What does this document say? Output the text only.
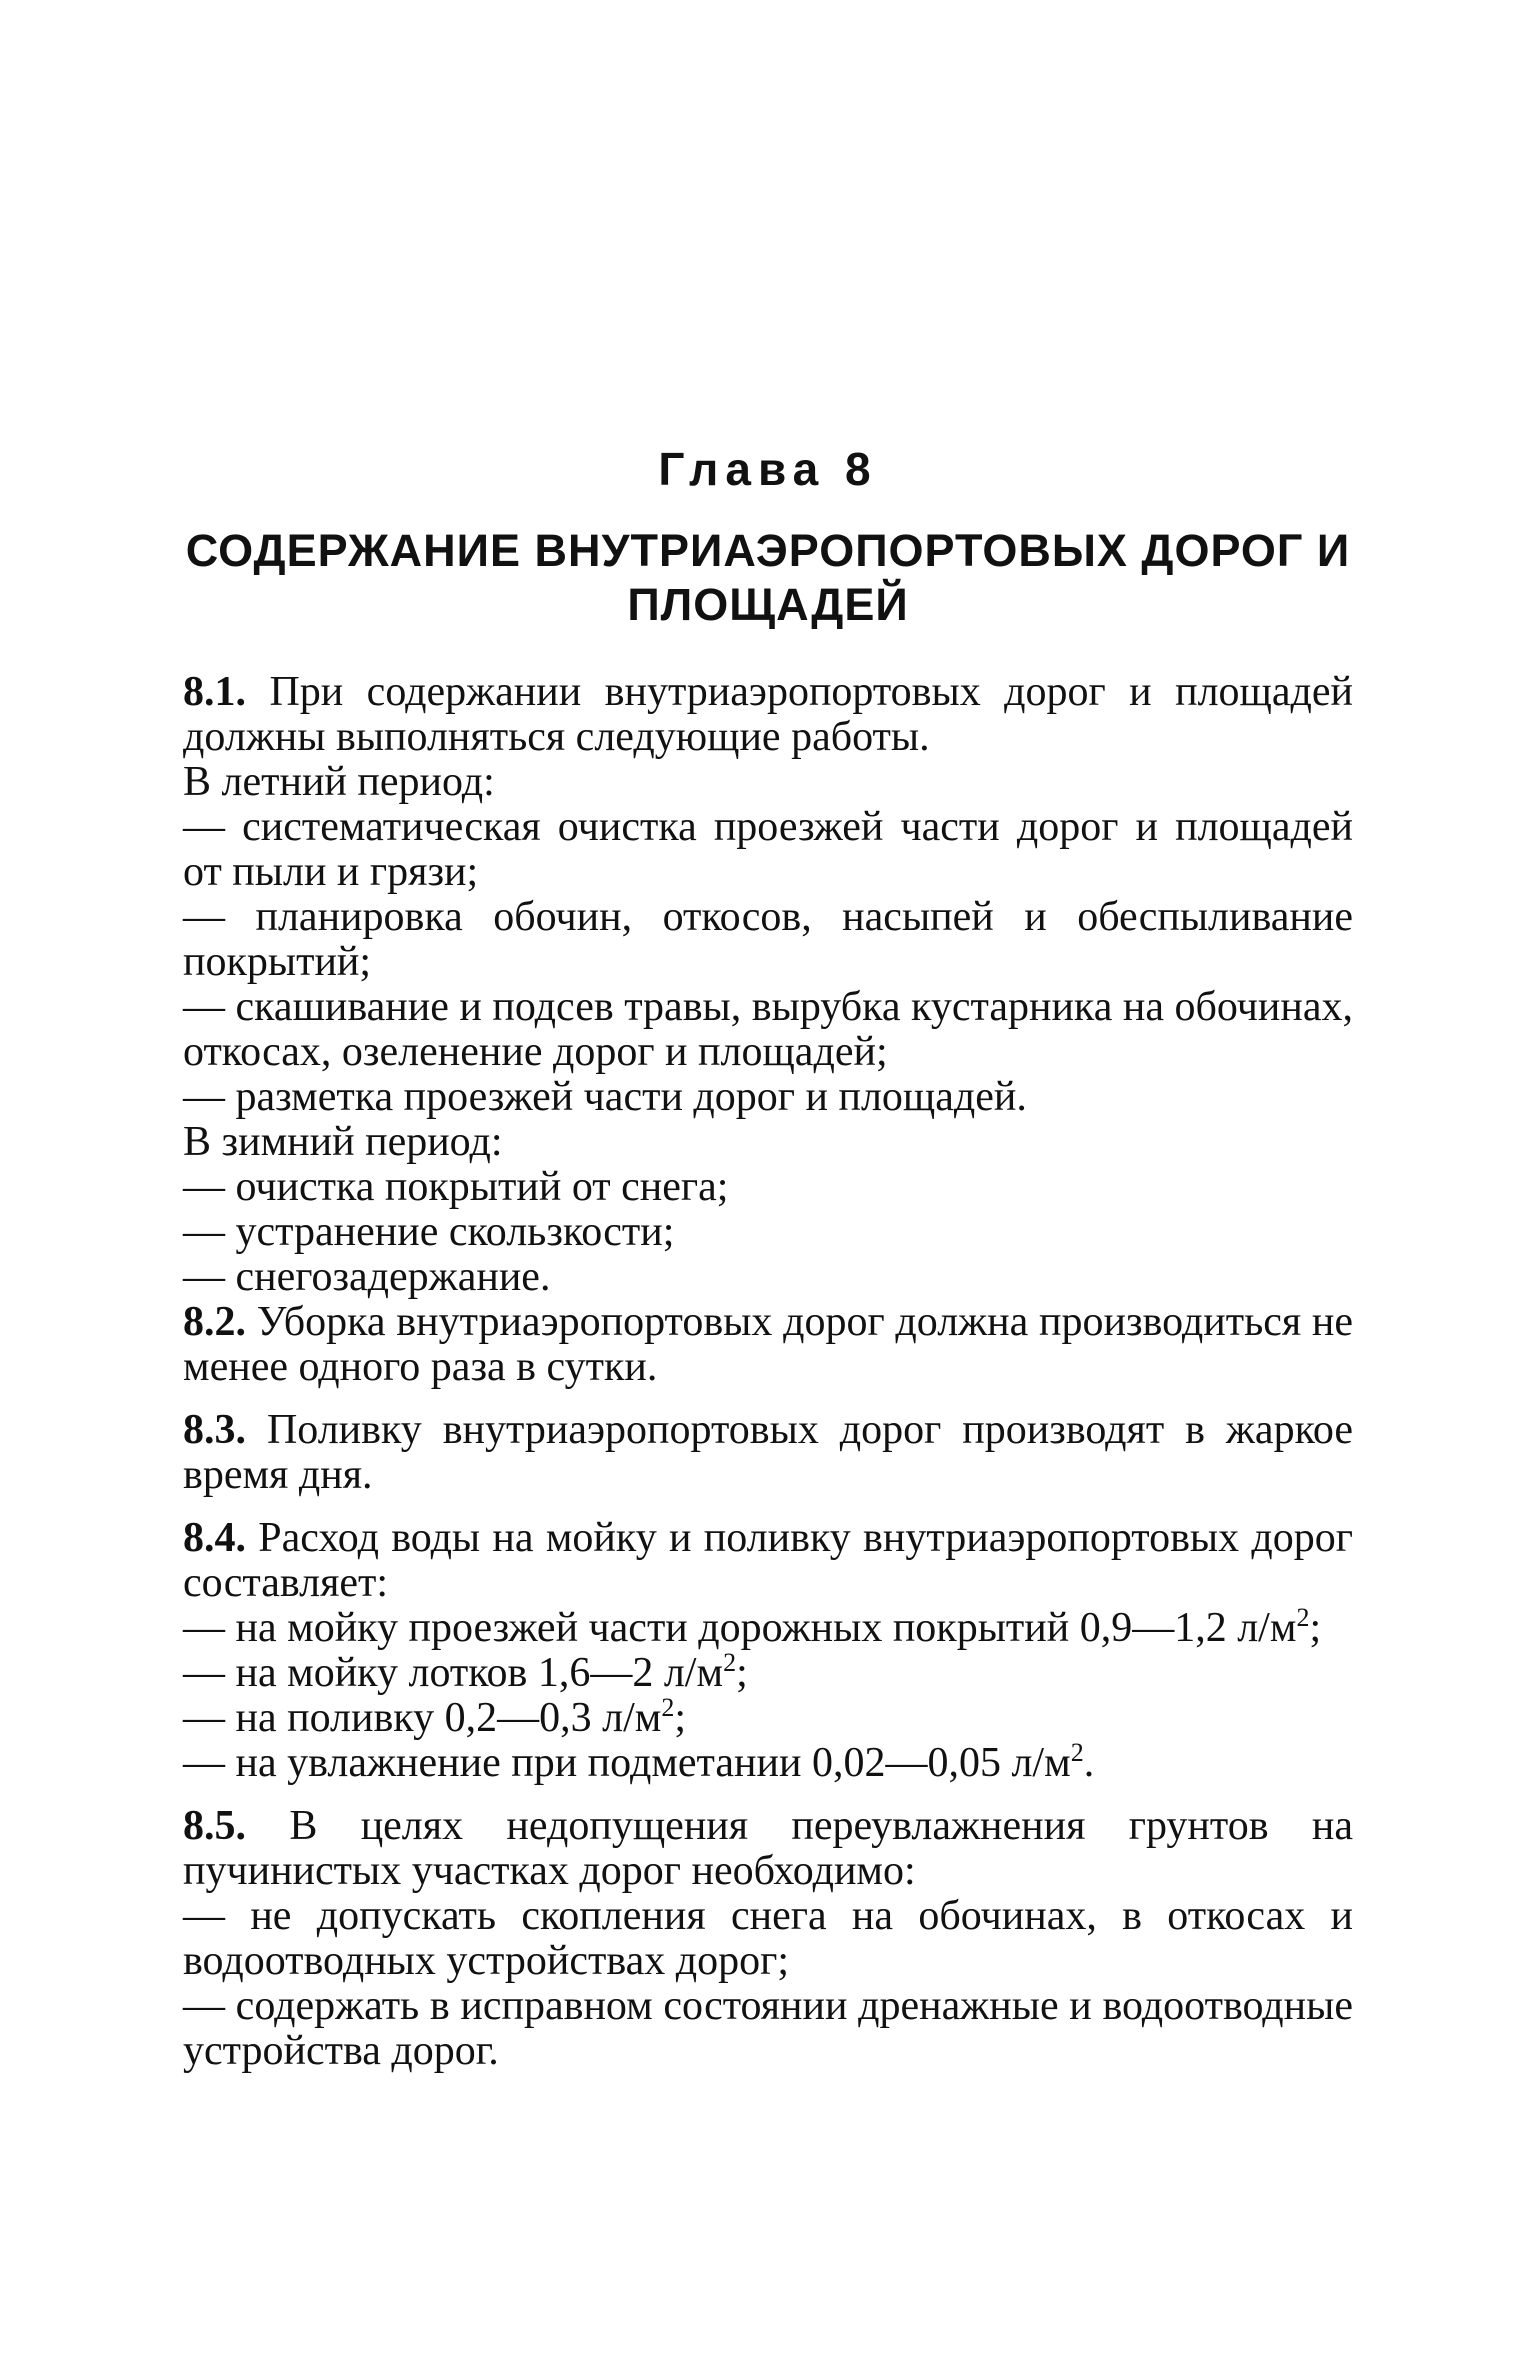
Глава 8
СОДЕРЖАНИЕ ВНУТРИАЭРОПОРТОВЫХ ДОРОГ И ПЛОЩАДЕЙ

8.1. При содержании внутриаэропортовых дорог и площадей должны выполняться следующие работы.

В летний период:

— систематическая очистка проезжей части дорог и площадей от пыли и грязи;

— планировка обочин, откосов, насыпей и обеспыливание покрытий;

— скашивание и подсев травы, вырубка кустарника на обочинах, откосах, озеленение дорог и площадей;

— разметка проезжей части дорог и площадей.

В зимний период:

— очистка покрытий от снега;

— устранение скользкости;

— снегозадержание.

8.2. Уборка внутриаэропортовых дорог должна производиться не менее одного раза в сутки.

8.3. Поливку внутриаэропортовых дорог производят в жаркое время дня.

8.4. Расход воды на мойку и поливку внутриаэропортовых дорог составляет:

— на мойку проезжей части дорожных покрытий 0,9—1,2 $л/м^2$;

— на мойку лотков 1,6—2 $л/м^2$;

— на поливку 0,2—0,3 $л/м^2$;

— на увлажнение при подметании 0,02—0,05 $л/м^2$.

8.5. В целях недопущения переувлажнения грунтов на пучинистых участках дорог необходимо:

— не допускать скопления снега на обочинах, в откосах и водоотводных устройствах дорог;

— содержать в исправном состоянии дренажные и водоотводные устройства дорог.
